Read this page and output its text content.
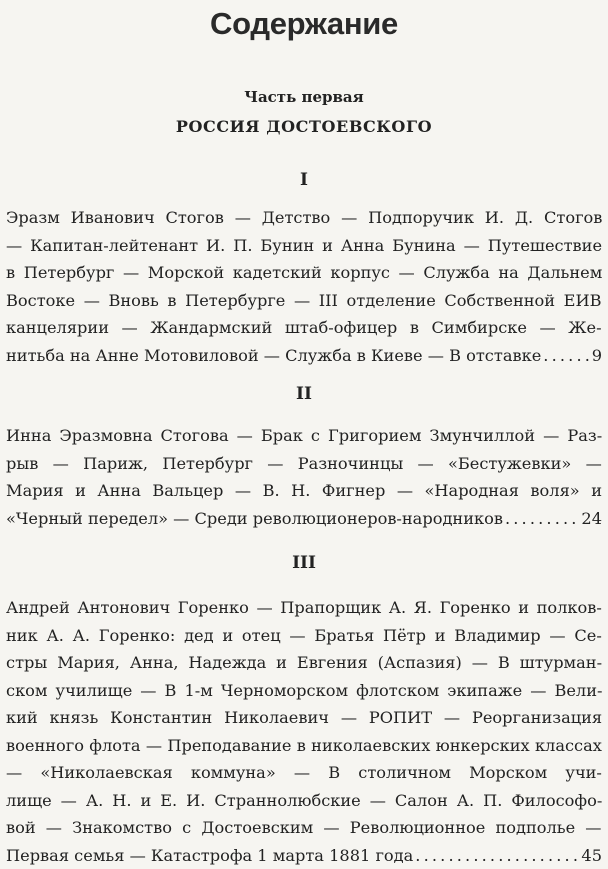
Содержание
Часть первая
РОССИЯ ДОСТОЕВСКОГО
I
Эразм Иванович Стогов — Детство — Подпоручик И. Д. Стогов
— Капитан-лейтенант И. П. Бунин и Анна Бунина — Путешествие
в Петербург — Морской кадетский корпус — Служба на Дальнем
Востоке — Вновь в Петербурге — III отделение Собственной ЕИВ
канцелярии — Жандармский штаб-офицер в Симбирске — Же-
нитьба на Анне Мотовиловой — Служба в Киеве — В отставке . . .	9
II
Инна Эразмовна Стогова — Брак с Григорием Змунчиллой — Раз-
рыв — Париж, Петербург — Разночинцы — «Бестужевки» —
Мария и Анна Вальцер — В. Н. Фигнер — «Народная воля» и
«Черный передел» — Среди революционеров-народников . . .	24
III
Андрей Антонович Горенко — Прапорщик А. Я. Горенко и полков-
ник А. А. Горенко: дед и отец — Братья Пётр и Владимир — Се-
стры Мария, Анна, Надежда и Евгения (Аспазия) — В штурман-
ском училище — В 1-м Черноморском флотском экипаже — Вели-
кий князь Константин Николаевич — РОПИТ — Реорганизация
военного флота — Преподавание в николаевских юнкерских классах
— «Николаевская коммуна» — В столичном Морском учи-
лище — А. Н. и Е. И. Страннолюбские — Салон А. П. Философо-
вой — Знакомство с Достоевским — Революционное подполье —
Первая семья — Катастрофа 1 марта 1881 года . . .	45
